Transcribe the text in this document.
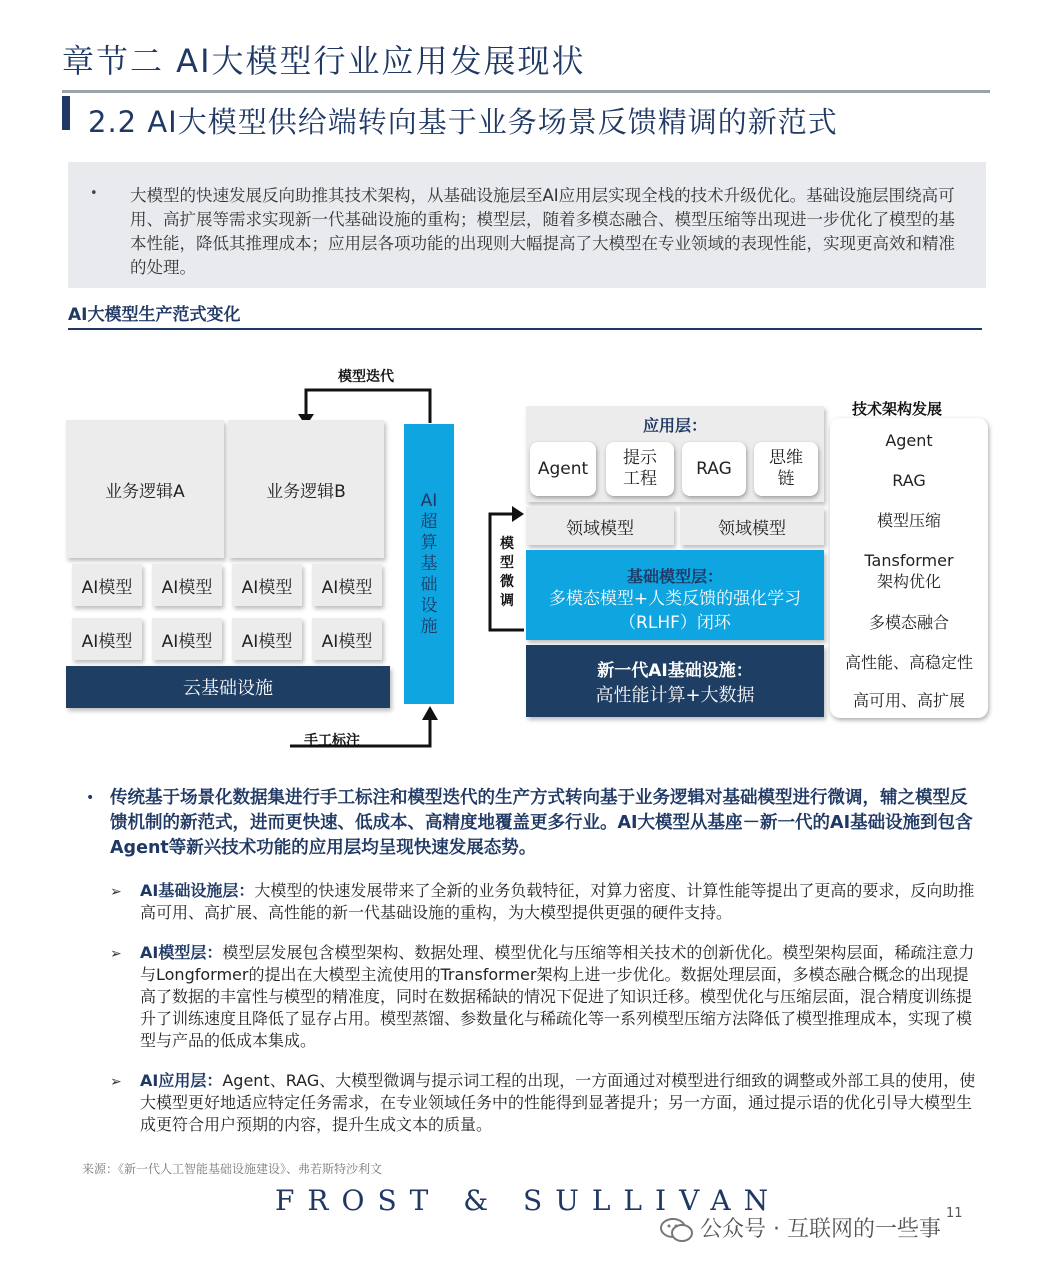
章节二 AI大模型行业应用发展现状
2.2 AI大模型供给端转向基于业务场景反馈精调的新范式
• 大模型的快速发展反向助推其技术架构，从基础设施层至AI应用层实现全栈的技术升级优化。基础设施层围绕高可用、高扩展等需求实现新一代基础设施的重构；模型层，随着多模态融合、模型压缩等出现进一步优化了模型的基本性能，降低其推理成本；应用层各项功能的出现则大幅提高了大模型在专业领域的表现性能，实现更高效和精准的处理。
AI大模型生产范式变化
模型迭代
手工标注
业务逻辑A	业务逻辑B
AI模型	AI模型	AI模型	AI模型
AI模型	AI模型	AI模型	AI模型
云基础设施
AI
超
算
基
础
设
施
模
型
微
调
应用层：
Agent
提示
工程
RAG
思维
链
领域模型	领域模型
基础模型层：
多模态模型+人类反馈的强化学习
（RLHF）闭环
新一代AI基础设施：
高性能计算+大数据
技术架构发展
Agent
RAG
模型压缩
Tansformer
架构优化
多模态融合
高性能、高稳定性
高可用、高扩展
• 传统基于场景化数据集进行手工标注和模型迭代的生产方式转向基于业务逻辑对基础模型进行微调，辅之模型反馈机制的新范式，进而更快速、低成本、高精度地覆盖更多行业。AI大模型从基座－新一代的AI基础设施到包含Agent等新兴技术功能的应用层均呈现快速发展态势。
➢ AI基础设施层：大模型的快速发展带来了全新的业务负载特征，对算力密度、计算性能等提出了更高的要求，反向助推高可用、高扩展、高性能的新一代基础设施的重构，为大模型提供更强的硬件支持。
➢ AI模型层：模型层发展包含模型架构、数据处理、模型优化与压缩等相关技术的创新优化。模型架构层面，稀疏注意力与Longformer的提出在大模型主流使用的Transformer架构上进一步优化。数据处理层面，多模态融合概念的出现提高了数据的丰富性与模型的精准度，同时在数据稀缺的情况下促进了知识迁移。模型优化与压缩层面，混合精度训练提升了训练速度且降低了显存占用。模型蒸馏、参数量化与稀疏化等一系列模型压缩方法降低了模型推理成本，实现了模型与产品的低成本集成。
➢ AI应用层：Agent、RAG、大模型微调与提示词工程的出现，一方面通过对模型进行细致的调整或外部工具的使用，使大模型更好地适应特定任务需求，在专业领域任务中的性能得到显著提升；另一方面，通过提示语的优化引导大模型生成更符合用户预期的内容，提升生成文本的质量。
来源：《新一代人工智能基础设施建设》、弗若斯特沙利文
FROST & SULLIVAN	11
公众号 · 互联网的一些事
